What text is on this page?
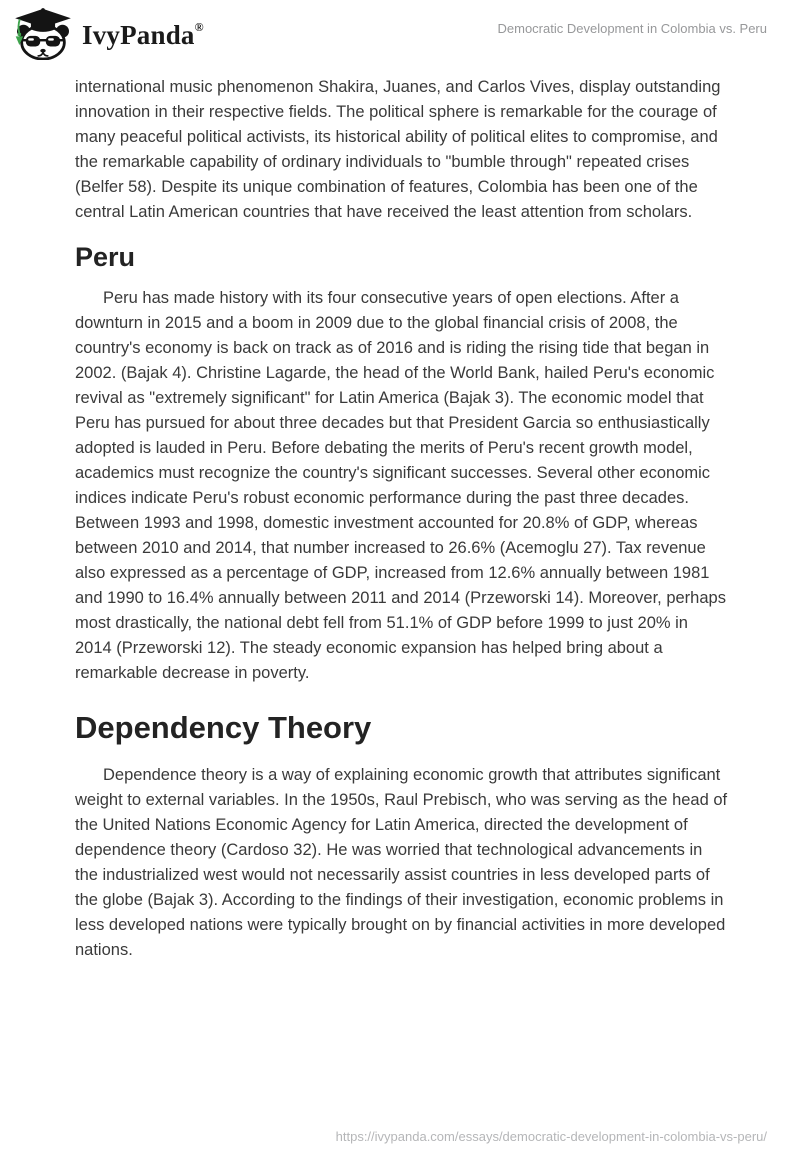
IvyPanda®	Democratic Development in Colombia vs. Peru

international music phenomenon Shakira, Juanes, and Carlos Vives, display outstanding innovation in their respective fields. The political sphere is remarkable for the courage of many peaceful political activists, its historical ability of political elites to compromise, and the remarkable capability of ordinary individuals to "bumble through" repeated crises (Belfer 58). Despite its unique combination of features, Colombia has been one of the central Latin American countries that have received the least attention from scholars.

Peru

Peru has made history with its four consecutive years of open elections. After a downturn in 2015 and a boom in 2009 due to the global financial crisis of 2008, the country's economy is back on track as of 2016 and is riding the rising tide that began in 2002. (Bajak 4). Christine Lagarde, the head of the World Bank, hailed Peru's economic revival as "extremely significant" for Latin America (Bajak 3). The economic model that Peru has pursued for about three decades but that President Garcia so enthusiastically adopted is lauded in Peru. Before debating the merits of Peru's recent growth model, academics must recognize the country's significant successes. Several other economic indices indicate Peru's robust economic performance during the past three decades. Between 1993 and 1998, domestic investment accounted for 20.8% of GDP, whereas between 2010 and 2014, that number increased to 26.6% (Acemoglu 27). Tax revenue also expressed as a percentage of GDP, increased from 12.6% annually between 1981 and 1990 to 16.4% annually between 2011 and 2014 (Przeworski 14). Moreover, perhaps most drastically, the national debt fell from 51.1% of GDP before 1999 to just 20% in 2014 (Przeworski 12). The steady economic expansion has helped bring about a remarkable decrease in poverty.

Dependency Theory

Dependence theory is a way of explaining economic growth that attributes significant weight to external variables. In the 1950s, Raul Prebisch, who was serving as the head of the United Nations Economic Agency for Latin America, directed the development of dependence theory (Cardoso 32). He was worried that technological advancements in the industrialized west would not necessarily assist countries in less developed parts of the globe (Bajak 3). According to the findings of their investigation, economic problems in less developed nations were typically brought on by financial activities in more developed nations.

https://ivypanda.com/essays/democratic-development-in-colombia-vs-peru/
